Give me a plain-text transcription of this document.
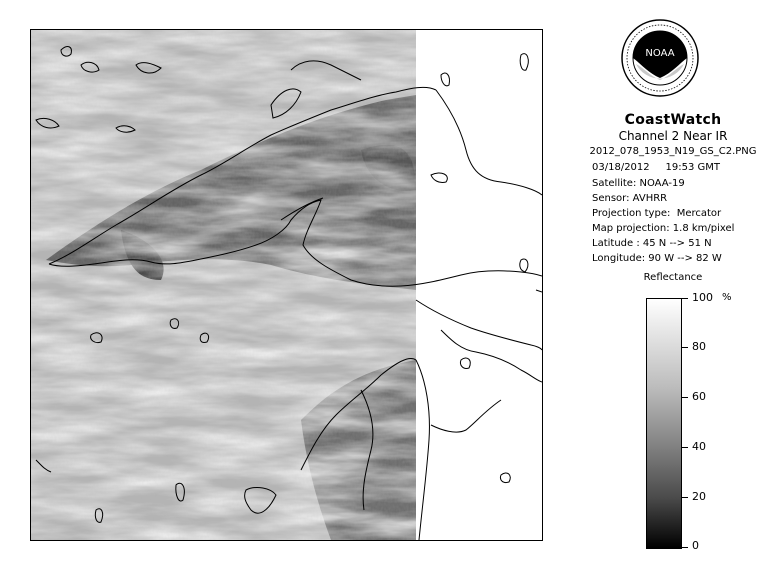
NOAA
CoastWatch
Channel 2 Near IR
2012_078_1953_N19_GS_C2.PNG
03/18/2012     19:53 GMT
Satellite: NOAA-19
Sensor: AVHRR
Projection type:  Mercator
Map projection: 1.8 km/pixel
Latitude : 45 N --> 51 N
Longitude: 90 W --> 82 W
Reflectance
100 %
80
60
40
20
0
